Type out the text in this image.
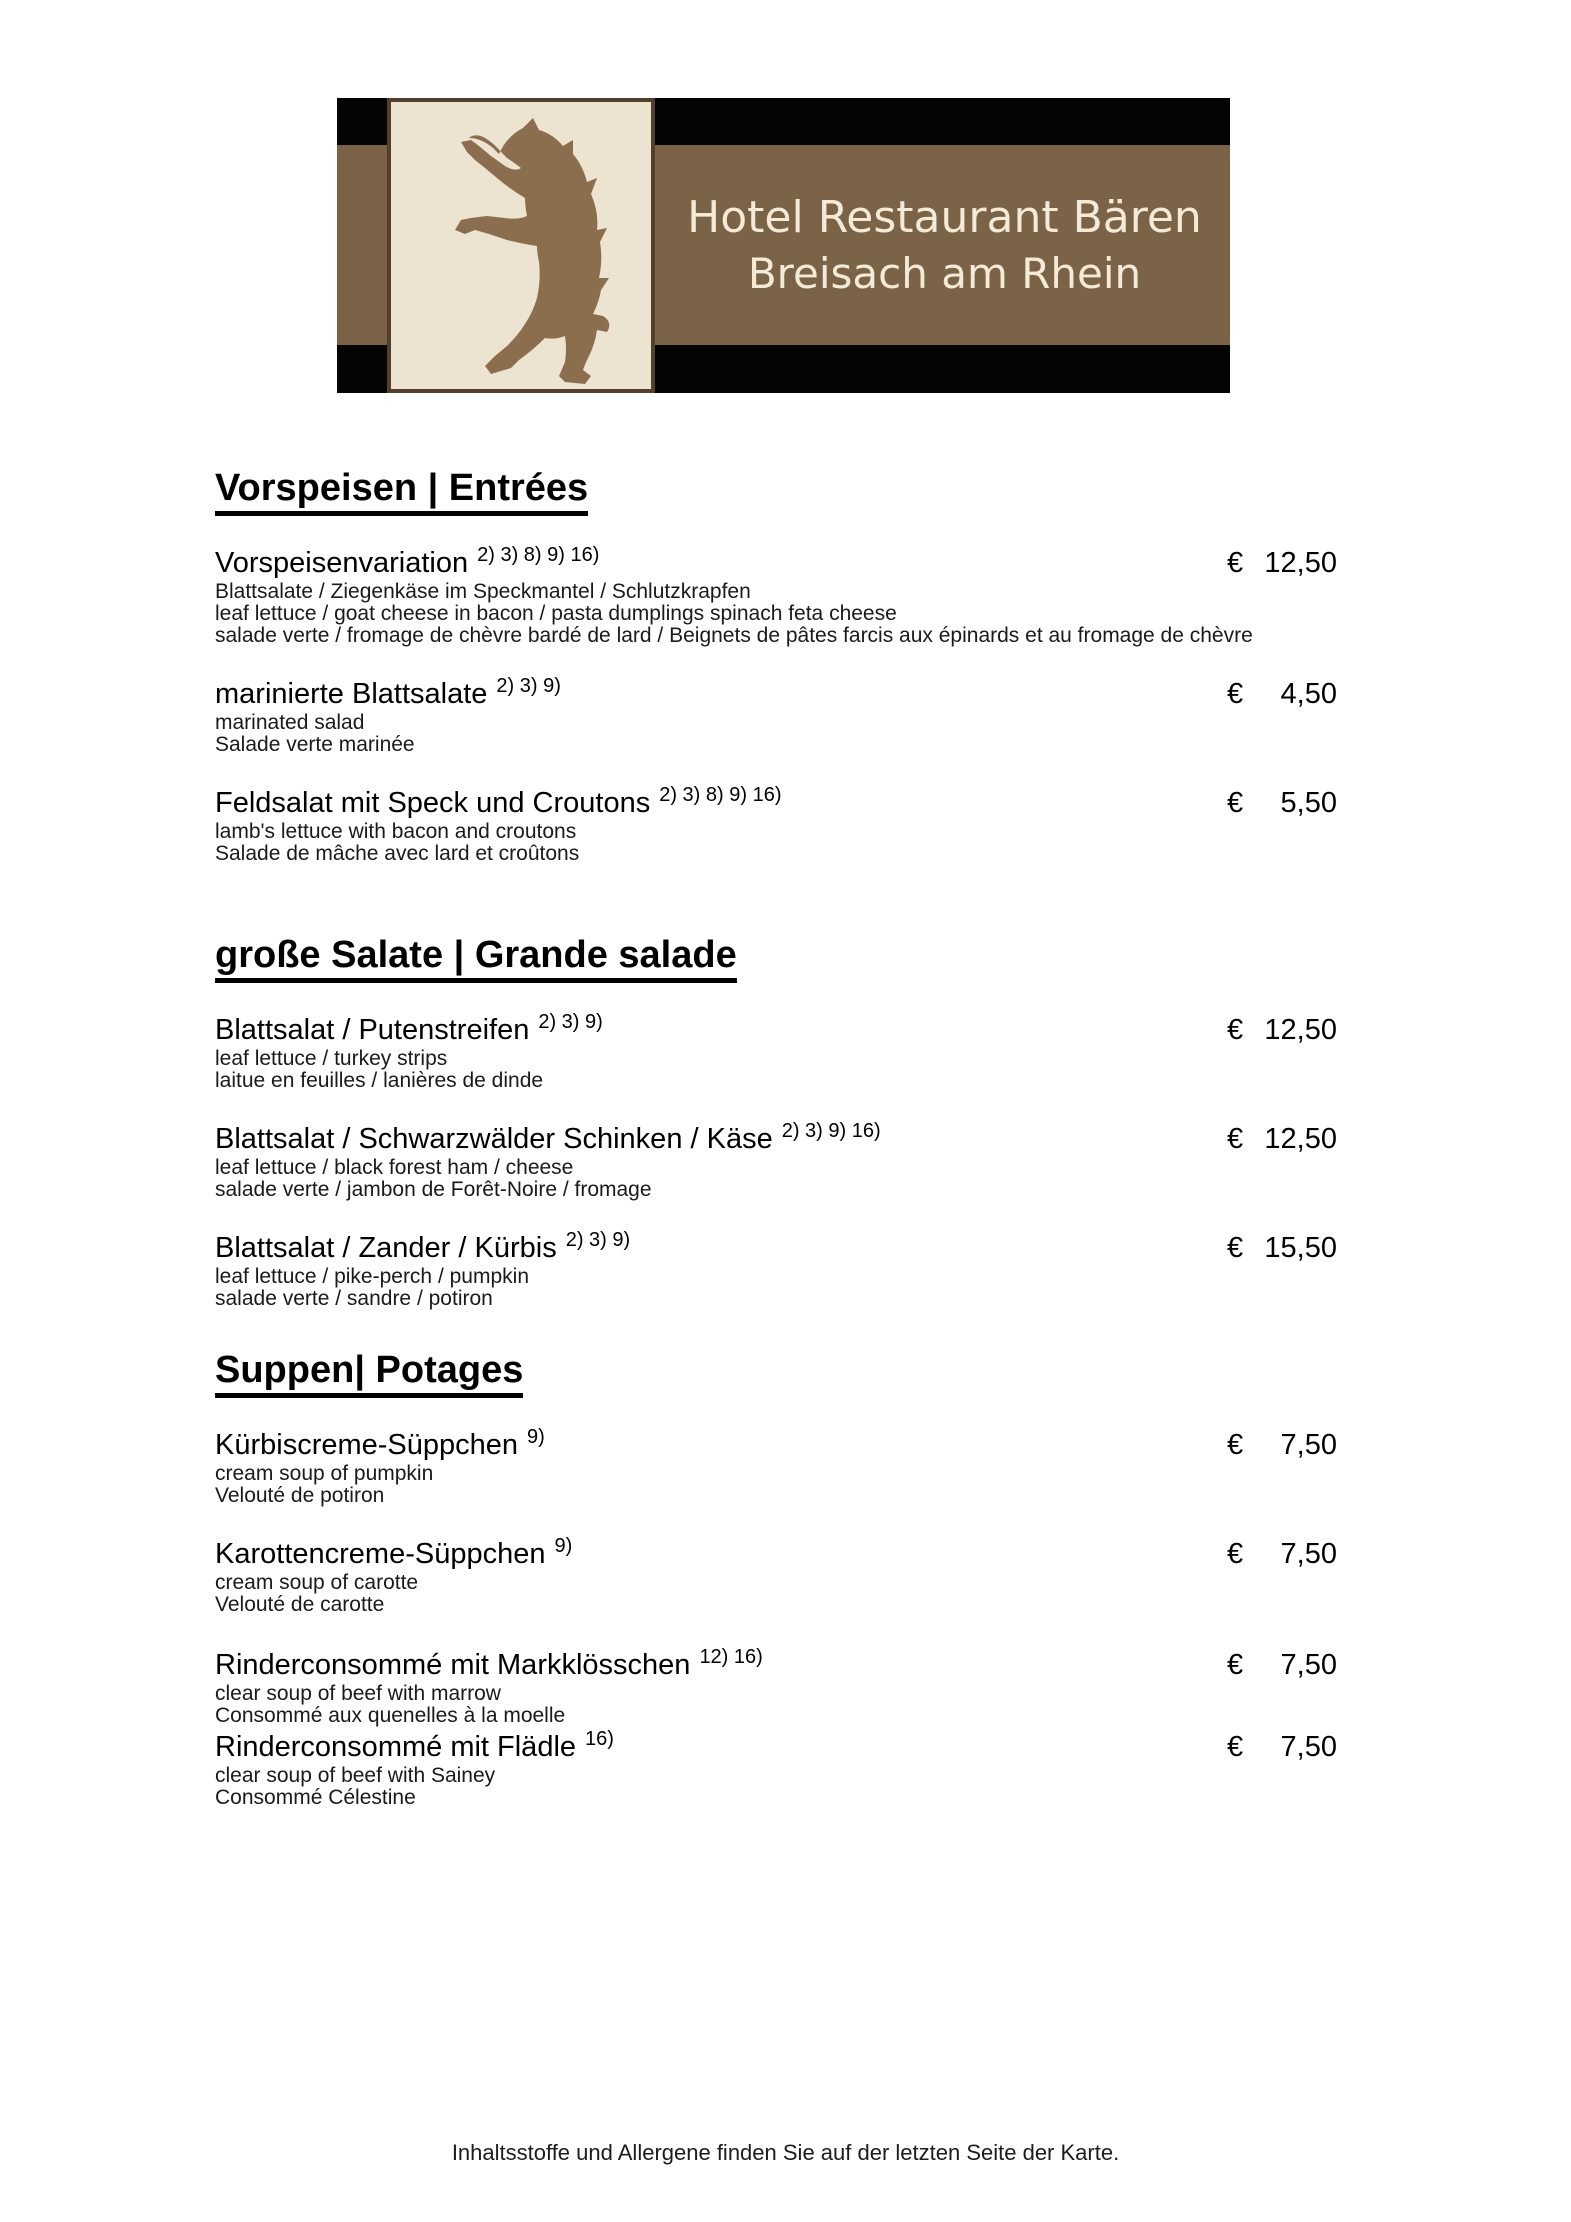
Hotel Restaurant Bären
Breisach am Rhein
Vorspeisen | Entrées
Vorspeisenvariation $^{2) 3) 8) 9) 16)}$	€ 12,50
Blattsalate / Ziegenkäse im Speckmantel / Schlutzkrapfen
leaf lettuce / goat cheese in bacon / pasta dumplings spinach feta cheese
salade verte / fromage de chèvre bardé de lard / Beignets de pâtes farcis aux épinards et au fromage de chèvre
marinierte Blattsalate $^{2) 3) 9)}$	€ 4,50
marinated salad
Salade verte marinée
Feldsalat mit Speck und Croutons $^{2) 3) 8) 9) 16)}$	€ 5,50
lamb's lettuce with bacon and croutons
Salade de mâche avec lard et croûtons
große Salate | Grande salade
Blattsalat / Putenstreifen $^{2) 3) 9)}$	€ 12,50
leaf lettuce / turkey strips
laitue en feuilles / lanières de dinde
Blattsalat / Schwarzwälder Schinken / Käse $^{2) 3) 9) 16)}$	€ 12,50
leaf lettuce / black forest ham / cheese
salade verte / jambon de Forêt-Noire / fromage
Blattsalat / Zander / Kürbis $^{2) 3) 9)}$	€ 15,50
leaf lettuce / pike-perch / pumpkin
salade verte / sandre / potiron
Suppen| Potages
Kürbiscreme-Süppchen $^{9)}$	€ 7,50
cream soup of pumpkin
Velouté de potiron
Karottencreme-Süppchen $^{9)}$	€ 7,50
cream soup of carotte
Velouté de carotte
Rinderconsommé mit Markklösschen $^{12) 16)}$	€ 7,50
clear soup of beef with marrow
Consommé aux quenelles à la moelle
Rinderconsommé mit Flädle $^{16)}$	€ 7,50
clear soup of beef with Sainey
Consommé Célestine
Inhaltsstoffe und Allergene finden Sie auf der letzten Seite der Karte.
